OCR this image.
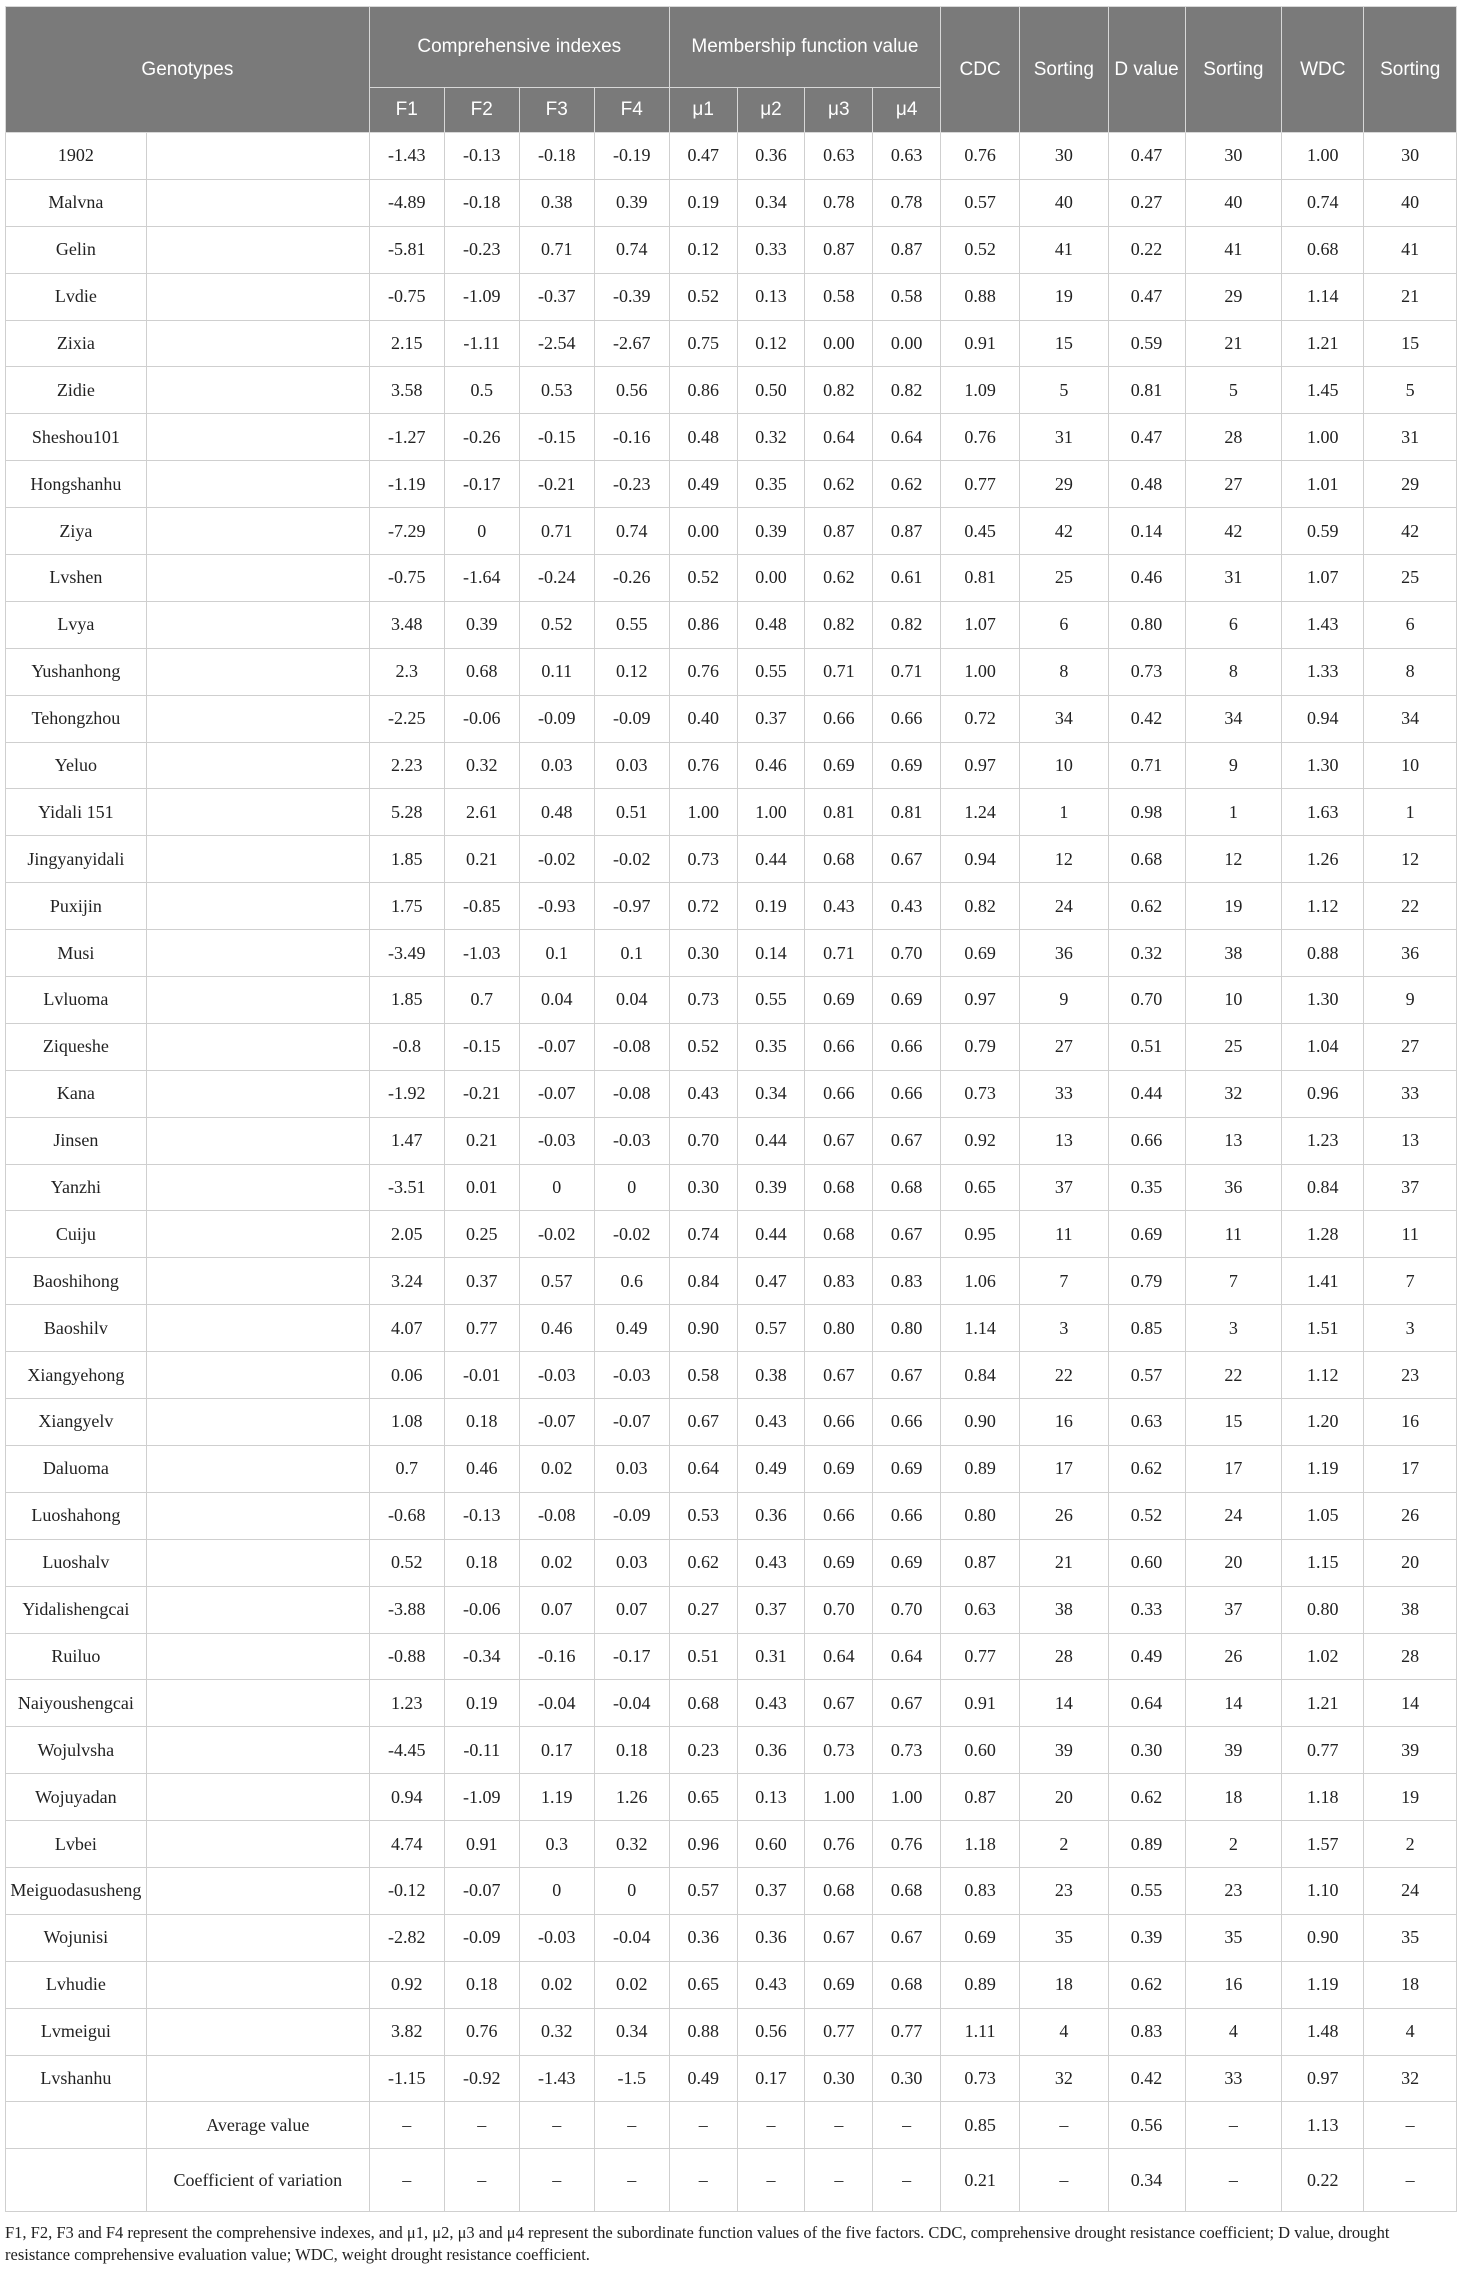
Genotypes		Comprehensive indexes				Membership function value				CDC	Sorting	D value	Sorting	WDC	Sorting
		F1	F2	F3	F4	μ1	μ2	μ3	μ4						
1902		-1.43	-0.13	-0.18	-0.19	0.47	0.36	0.63	0.63	0.76	30	0.47	30	1.00	30
Malvna		-4.89	-0.18	0.38	0.39	0.19	0.34	0.78	0.78	0.57	40	0.27	40	0.74	40
Gelin		-5.81	-0.23	0.71	0.74	0.12	0.33	0.87	0.87	0.52	41	0.22	41	0.68	41
Lvdie		-0.75	-1.09	-0.37	-0.39	0.52	0.13	0.58	0.58	0.88	19	0.47	29	1.14	21
Zixia		2.15	-1.11	-2.54	-2.67	0.75	0.12	0.00	0.00	0.91	15	0.59	21	1.21	15
Zidie		3.58	0.5	0.53	0.56	0.86	0.50	0.82	0.82	1.09	5	0.81	5	1.45	5
Sheshou101		-1.27	-0.26	-0.15	-0.16	0.48	0.32	0.64	0.64	0.76	31	0.47	28	1.00	31
Hongshanhu		-1.19	-0.17	-0.21	-0.23	0.49	0.35	0.62	0.62	0.77	29	0.48	27	1.01	29
Ziya		-7.29	0	0.71	0.74	0.00	0.39	0.87	0.87	0.45	42	0.14	42	0.59	42
Lvshen		-0.75	-1.64	-0.24	-0.26	0.52	0.00	0.62	0.61	0.81	25	0.46	31	1.07	25
Lvya		3.48	0.39	0.52	0.55	0.86	0.48	0.82	0.82	1.07	6	0.80	6	1.43	6
Yushanhong		2.3	0.68	0.11	0.12	0.76	0.55	0.71	0.71	1.00	8	0.73	8	1.33	8
Tehongzhou		-2.25	-0.06	-0.09	-0.09	0.40	0.37	0.66	0.66	0.72	34	0.42	34	0.94	34
Yeluo		2.23	0.32	0.03	0.03	0.76	0.46	0.69	0.69	0.97	10	0.71	9	1.30	10
Yidali 151		5.28	2.61	0.48	0.51	1.00	1.00	0.81	0.81	1.24	1	0.98	1	1.63	1
Jingyanyidali		1.85	0.21	-0.02	-0.02	0.73	0.44	0.68	0.67	0.94	12	0.68	12	1.26	12
Puxijin		1.75	-0.85	-0.93	-0.97	0.72	0.19	0.43	0.43	0.82	24	0.62	19	1.12	22
Musi		-3.49	-1.03	0.1	0.1	0.30	0.14	0.71	0.70	0.69	36	0.32	38	0.88	36
Lvluoma		1.85	0.7	0.04	0.04	0.73	0.55	0.69	0.69	0.97	9	0.70	10	1.30	9
Ziqueshe		-0.8	-0.15	-0.07	-0.08	0.52	0.35	0.66	0.66	0.79	27	0.51	25	1.04	27
Kana		-1.92	-0.21	-0.07	-0.08	0.43	0.34	0.66	0.66	0.73	33	0.44	32	0.96	33
Jinsen		1.47	0.21	-0.03	-0.03	0.70	0.44	0.67	0.67	0.92	13	0.66	13	1.23	13
Yanzhi		-3.51	0.01	0	0	0.30	0.39	0.68	0.68	0.65	37	0.35	36	0.84	37
Cuiju		2.05	0.25	-0.02	-0.02	0.74	0.44	0.68	0.67	0.95	11	0.69	11	1.28	11
Baoshihong		3.24	0.37	0.57	0.6	0.84	0.47	0.83	0.83	1.06	7	0.79	7	1.41	7
Baoshilv		4.07	0.77	0.46	0.49	0.90	0.57	0.80	0.80	1.14	3	0.85	3	1.51	3
Xiangyehong		0.06	-0.01	-0.03	-0.03	0.58	0.38	0.67	0.67	0.84	22	0.57	22	1.12	23
Xiangyelv		1.08	0.18	-0.07	-0.07	0.67	0.43	0.66	0.66	0.90	16	0.63	15	1.20	16
Daluoma		0.7	0.46	0.02	0.03	0.64	0.49	0.69	0.69	0.89	17	0.62	17	1.19	17
Luoshahong		-0.68	-0.13	-0.08	-0.09	0.53	0.36	0.66	0.66	0.80	26	0.52	24	1.05	26
Luoshalv		0.52	0.18	0.02	0.03	0.62	0.43	0.69	0.69	0.87	21	0.60	20	1.15	20
Yidalishengcai		-3.88	-0.06	0.07	0.07	0.27	0.37	0.70	0.70	0.63	38	0.33	37	0.80	38
Ruiluo		-0.88	-0.34	-0.16	-0.17	0.51	0.31	0.64	0.64	0.77	28	0.49	26	1.02	28
Naiyoushengcai		1.23	0.19	-0.04	-0.04	0.68	0.43	0.67	0.67	0.91	14	0.64	14	1.21	14
Wojulvsha		-4.45	-0.11	0.17	0.18	0.23	0.36	0.73	0.73	0.60	39	0.30	39	0.77	39
Wojuyadan		0.94	-1.09	1.19	1.26	0.65	0.13	1.00	1.00	0.87	20	0.62	18	1.18	19
Lvbei		4.74	0.91	0.3	0.32	0.96	0.60	0.76	0.76	1.18	2	0.89	2	1.57	2
Meiguodasusheng		-0.12	-0.07	0	0	0.57	0.37	0.68	0.68	0.83	23	0.55	23	1.10	24
Wojunisi		-2.82	-0.09	-0.03	-0.04	0.36	0.36	0.67	0.67	0.69	35	0.39	35	0.90	35
Lvhudie		0.92	0.18	0.02	0.02	0.65	0.43	0.69	0.68	0.89	18	0.62	16	1.19	18
Lvmeigui		3.82	0.76	0.32	0.34	0.88	0.56	0.77	0.77	1.11	4	0.83	4	1.48	4
Lvshanhu		-1.15	-0.92	-1.43	-1.5	0.49	0.17	0.30	0.30	0.73	32	0.42	33	0.97	32
	Average value	–	–	–	–	–	–	–	–	0.85	–	0.56	–	1.13	–
	Coefficient of variation	–	–	–	–	–	–	–	–	0.21	–	0.34	–	0.22	–
F1, F2, F3 and F4 represent the comprehensive indexes, and μ1, μ2, μ3 and μ4 represent the subordinate function values of the five factors. CDC, comprehensive drought resistance coefficient; D value, drought resistance comprehensive evaluation value; WDC, weight drought resistance coefficient.
